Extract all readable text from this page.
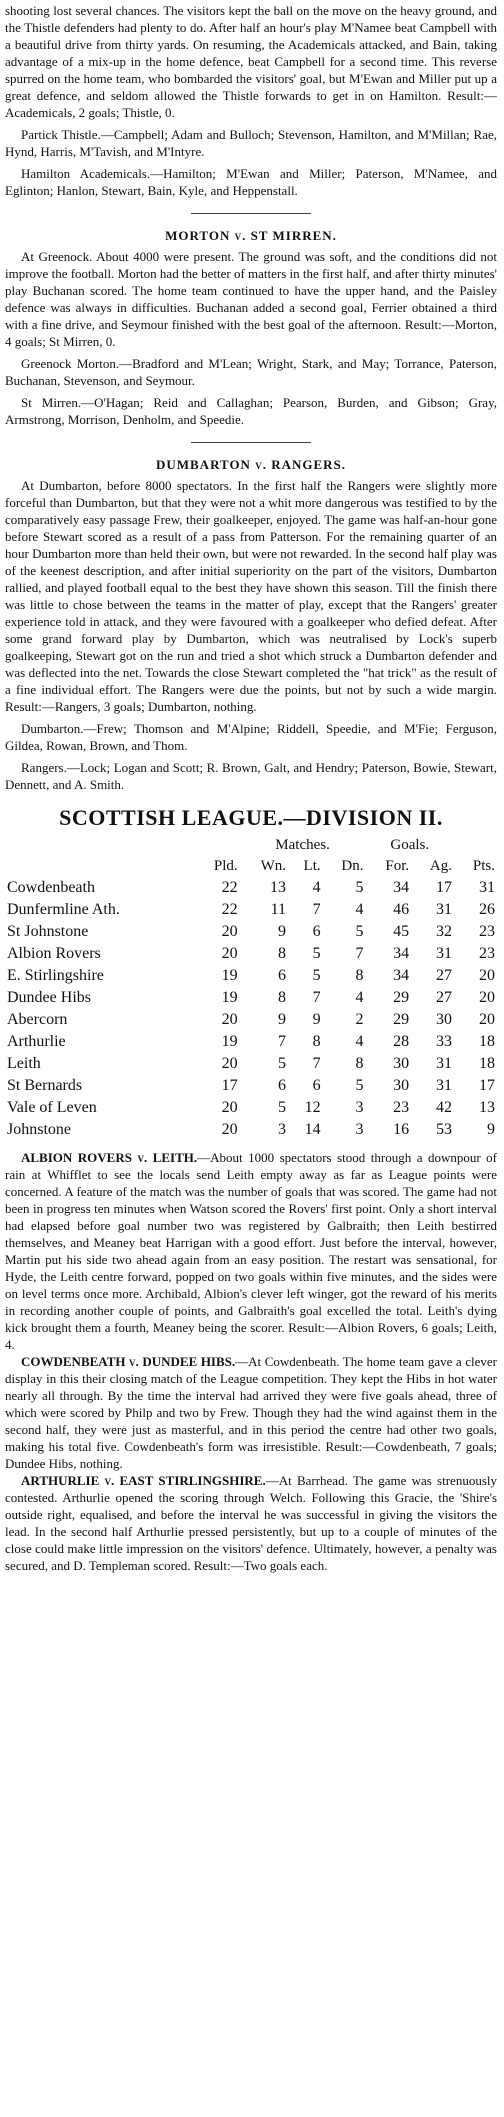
shooting lost several chances. The visitors kept the ball on the move on the heavy ground, and the Thistle defenders had plenty to do. After half an hour's play M'Namee beat Campbell with a beautiful drive from thirty yards. On resuming, the Academicals attacked, and Bain, taking advantage of a mix-up in the home defence, beat Campbell for a second time. This reverse spurred on the home team, who bombarded the visitors' goal, but M'Ewan and Miller put up a great defence, and seldom allowed the Thistle forwards to get in on Hamilton. Result:—Academicals, 2 goals; Thistle, 0.

Partick Thistle.—Campbell; Adam and Bulloch; Stevenson, Hamilton, and M'Millan; Rae, Hynd, Harris, M'Tavish, and M'Intyre.

Hamilton Academicals.—Hamilton; M'Ewan and Miller; Paterson, M'Namee, and Eglinton; Hanlon, Stewart, Bain, Kyle, and Heppenstall.

MORTON v. ST MIRREN.

At Greenock. About 4000 were present. The ground was soft, and the conditions did not improve the football. Morton had the better of matters in the first half, and after thirty minutes' play Buchanan scored. The home team continued to have the upper hand, and the Paisley defence was always in difficulties. Buchanan added a second goal, Ferrier obtained a third with a fine drive, and Seymour finished with the best goal of the afternoon. Result:—Morton, 4 goals; St Mirren, 0.

Greenock Morton.—Bradford and M'Lean; Wright, Stark, and May; Torrance, Paterson, Buchanan, Stevenson, and Seymour.

St Mirren.—O'Hagan; Reid and Callaghan; Pearson, Burden, and Gibson; Gray, Armstrong, Morrison, Denholm, and Speedie.

DUMBARTON v. RANGERS.

At Dumbarton, before 8000 spectators. In the first half the Rangers were slightly more forceful than Dumbarton, but that they were not a whit more dangerous was testified to by the comparatively easy passage Frew, their goalkeeper, enjoyed. The game was half-an-hour gone before Stewart scored as a result of a pass from Patterson. For the remaining quarter of an hour Dumbarton more than held their own, but were not rewarded. In the second half play was of the keenest description, and after initial superiority on the part of the visitors, Dumbarton rallied, and played football equal to the best they have shown this season. Till the finish there was little to chose between the teams in the matter of play, except that the Rangers' greater experience told in attack, and they were favoured with a goalkeeper who defied defeat. After some grand forward play by Dumbarton, which was neutralised by Lock's superb goalkeeping, Stewart got on the run and tried a shot which struck a Dumbarton defender and was deflected into the net. Towards the close Stewart completed the "hat trick" as the result of a fine individual effort. The Rangers were due the points, but not by such a wide margin. Result:—Rangers, 3 goals; Dumbarton, nothing.

Dumbarton.—Frew; Thomson and M'Alpine; Riddell, Speedie, and M'Fie; Ferguson, Gildea, Rowan, Brown, and Thom.

Rangers.—Lock; Logan and Scott; R. Brown, Galt, and Hendry; Paterson, Bowie, Stewart, Dennett, and A. Smith.

SCOTTISH LEAGUE.—DIVISION II.
		Matches.			Goals.		
	Pld.	Wn.	Lt.	Dn.	For.	Ag.	Pts.
Cowdenbeath	22	13	4	5	34	17	31
Dunfermline Ath.	22	11	7	4	46	31	26
St Johnstone	20	9	6	5	45	32	23
Albion Rovers	20	8	5	7	34	31	23
E. Stirlingshire	19	6	5	8	34	27	20
Dundee Hibs	19	8	7	4	29	27	20
Abercorn	20	9	9	2	29	30	20
Arthurlie	19	7	8	4	28	33	18
Leith	20	5	7	8	30	31	18
St Bernards	17	6	6	5	30	31	17
Vale of Leven	20	5	12	3	23	42	13
Johnstone	20	3	14	3	16	53	9

ALBION ROVERS v. LEITH.—About 1000 spectators stood through a downpour of rain at Whifflet to see the locals send Leith empty away as far as League points were concerned. A feature of the match was the number of goals that was scored. The game had not been in progress ten minutes when Watson scored the Rovers' first point. Only a short interval had elapsed before goal number two was registered by Galbraith; then Leith bestirred themselves, and Meaney beat Harrigan with a good effort. Just before the interval, however, Martin put his side two ahead again from an easy position. The restart was sensational, for Hyde, the Leith centre forward, popped on two goals within five minutes, and the sides were on level terms once more. Archibald, Albion's clever left winger, got the reward of his merits in recording another couple of points, and Galbraith's goal excelled the total. Leith's dying kick brought them a fourth, Meaney being the scorer. Result:—Albion Rovers, 6 goals; Leith, 4.

COWDENBEATH v. DUNDEE HIBS.—At Cowdenbeath. The home team gave a clever display in this their closing match of the League competition. They kept the Hibs in hot water nearly all through. By the time the interval had arrived they were five goals ahead, three of which were scored by Philp and two by Frew. Though they had the wind against them in the second half, they were just as masterful, and in this period the centre had other two goals, making his total five. Cowdenbeath's form was irresistible. Result:—Cowdenbeath, 7 goals; Dundee Hibs, nothing.

ARTHURLIE v. EAST STIRLINGSHIRE.—At Barrhead. The game was strenuously contested. Arthurlie opened the scoring through Welch. Following this Gracie, the 'Shire's outside right, equalised, and before the interval he was successful in giving the visitors the lead. In the second half Arthurlie pressed persistently, but up to a couple of minutes of the close could make little impression on the visitors' defence. Ultimately, however, a penalty was secured, and D. Templeman scored. Result:—Two goals each.
